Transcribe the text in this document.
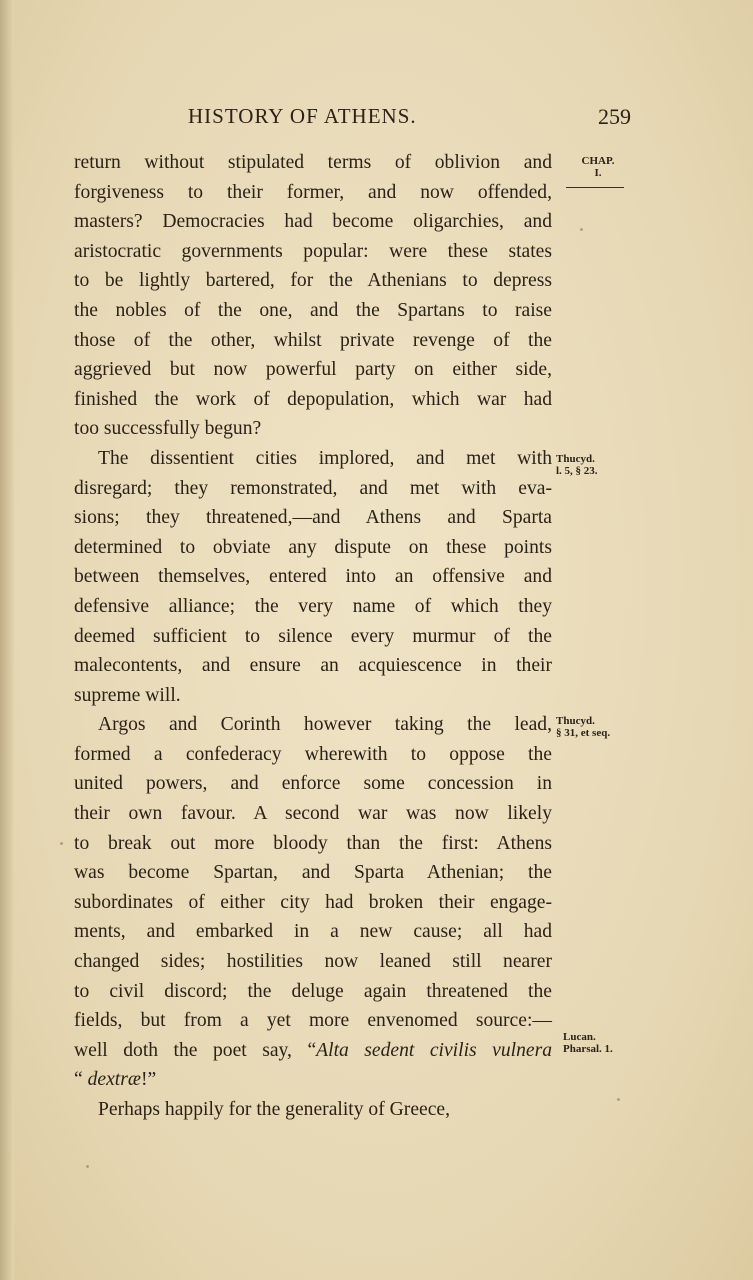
HISTORY OF ATHENS.	259
CHAP.
I.
Thucyd.
l. 5, § 23.
Thucyd.
§ 31, et seq.
Lucan.
Pharsal. 1.
return without stipulated terms of oblivion and
forgiveness to their former, and now offended,
masters? Democracies had become oligarchies, and
aristocratic governments popular: were these states
to be lightly bartered, for the Athenians to depress
the nobles of the one, and the Spartans to raise
those of the other, whilst private revenge of the
aggrieved but now powerful party on either side,
finished the work of depopulation, which war had
too successfully begun?
The dissentient cities implored, and met with
disregard; they remonstrated, and met with eva-
sions; they threatened,—and Athens and Sparta
determined to obviate any dispute on these points
between themselves, entered into an offensive and
defensive alliance; the very name of which they
deemed sufficient to silence every murmur of the
malecontents, and ensure an acquiescence in their
supreme will.
Argos and Corinth however taking the lead,
formed a confederacy wherewith to oppose the
united powers, and enforce some concession in
their own favour. A second war was now likely
to break out more bloody than the first: Athens
was become Spartan, and Sparta Athenian; the
subordinates of either city had broken their engage-
ments, and embarked in a new cause; all had
changed sides; hostilities now leaned still nearer
to civil discord; the deluge again threatened the
fields, but from a yet more envenomed source:—
well doth the poet say, “Alta sedent civilis vulnera
“ dextræ!”
Perhaps happily for the generality of Greece,
